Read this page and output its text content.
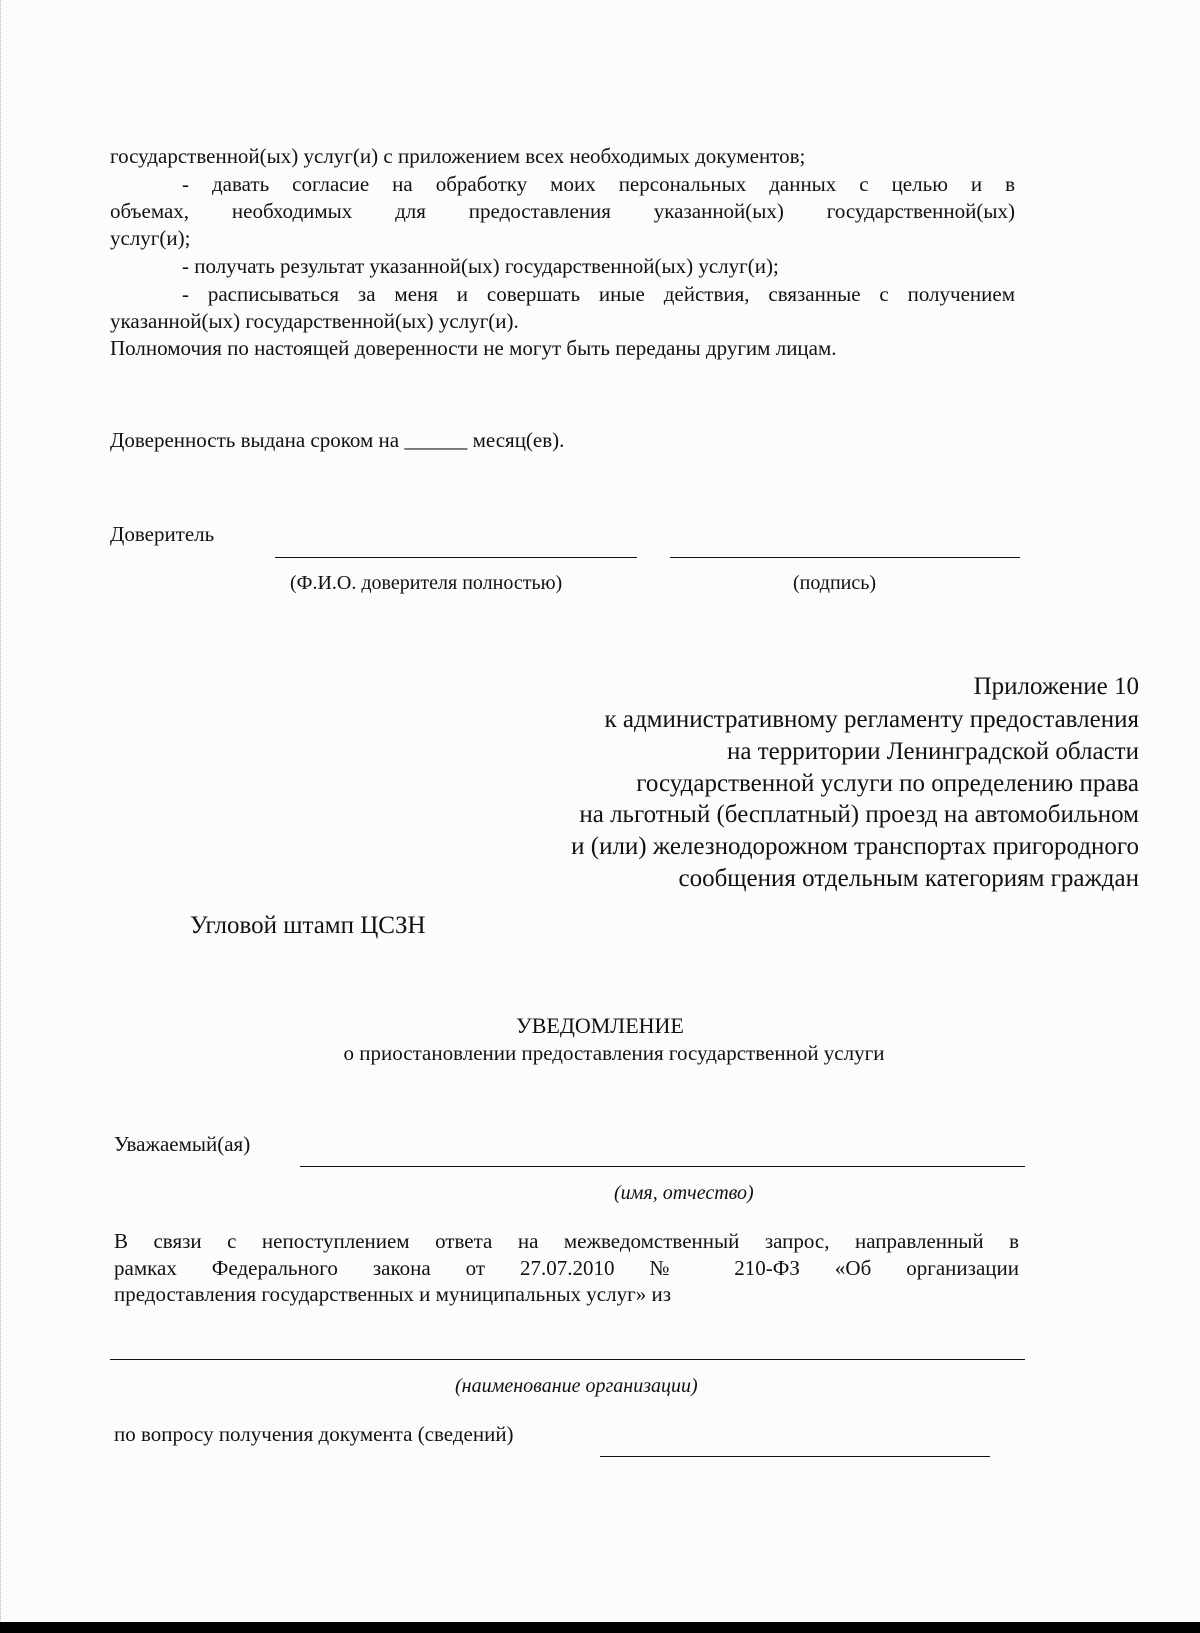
государственной(ых) услуг(и) с приложением всех необходимых документов;
- давать согласие на обработку моих персональных данных с целью и в
объемах, необходимых для предоставления указанной(ых) государственной(ых)
услуг(и);
- получать результат указанной(ых) государственной(ых) услуг(и);
- расписываться за меня и совершать иные действия, связанные с получением
указанной(ых) государственной(ых) услуг(и).
Полномочия по настоящей доверенности не могут быть переданы другим лицам.
Доверенность выдана сроком на ______ месяц(ев).
Доверитель
(Ф.И.О. доверителя полностью)	(подпись)
Приложение 10
к административному регламенту предоставления
на территории Ленинградской области
государственной услуги по определению права
на льготный (бесплатный) проезд на автомобильном
и (или) железнодорожном транспортах пригородного
сообщения отдельным категориям граждан
Угловой штамп ЦСЗН
УВЕДОМЛЕНИЕ
о приостановлении предоставления государственной услуги
Уважаемый(ая)
(имя, отчество)
В связи с непоступлением ответа на межведомственный запрос, направленный в
рамках Федерального закона от 27.07.2010 № 210-ФЗ «Об организации
предоставления государственных и муниципальных услуг» из
(наименование организации)
по вопросу получения документа (сведений)
